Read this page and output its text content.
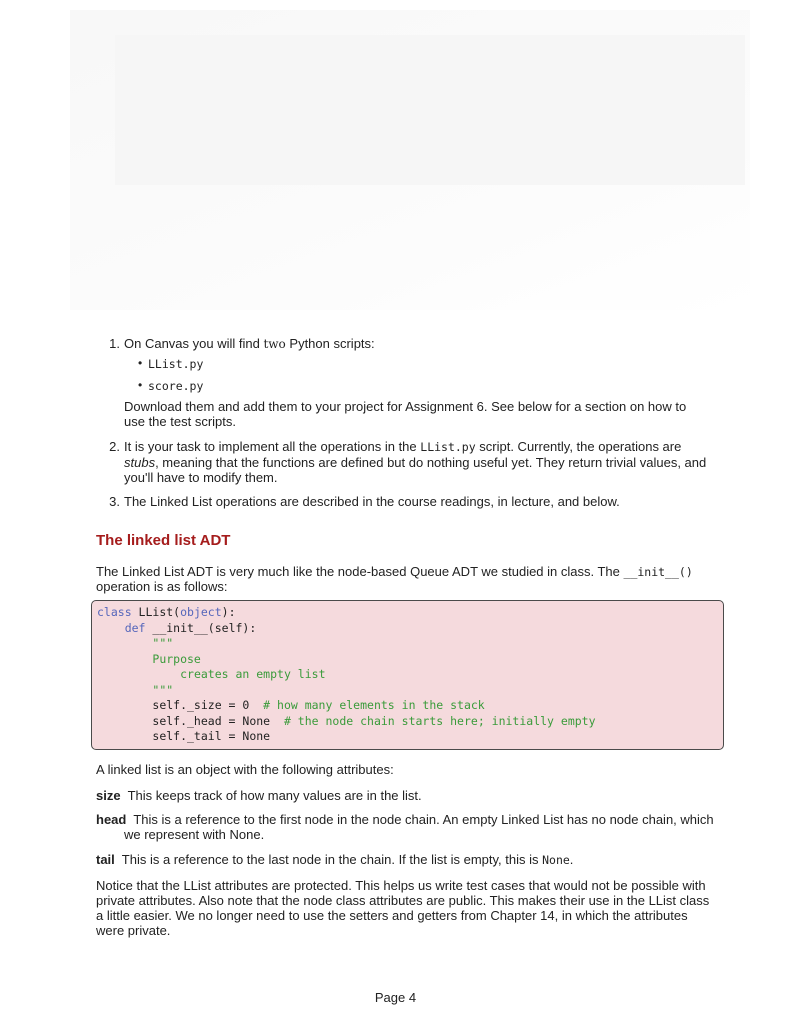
1. On Canvas you will find two Python scripts:
• LList.py
• score.py
Download them and add them to your project for Assignment 6. See below for a section on how to
use the test scripts.
2. It is your task to implement all the operations in the LList.py script. Currently, the operations are
stubs, meaning that the functions are defined but do nothing useful yet. They return trivial values, and
you'll have to modify them.
3. The Linked List operations are described in the course readings, in lecture, and below.
The linked list ADT
The Linked List ADT is very much like the node-based Queue ADT we studied in class. The __init__()
operation is as follows:
class LList(object):
def __init__(self):
"""
Purpose
creates an empty list
"""
self._size = 0  # how many elements in the stack
self._head = None  # the node chain starts here; initially empty
self._tail = None
A linked list is an object with the following attributes:
size This keeps track of how many values are in the list.
head This is a reference to the first node in the node chain. An empty Linked List has no node chain, which
we represent with None.
tail This is a reference to the last node in the chain. If the list is empty, this is None.
Notice that the LList attributes are protected. This helps us write test cases that would not be possible with
private attributes. Also note that the node class attributes are public. This makes their use in the LList class
a little easier. We no longer need to use the setters and getters from Chapter 14, in which the attributes
were private.
Page 4
